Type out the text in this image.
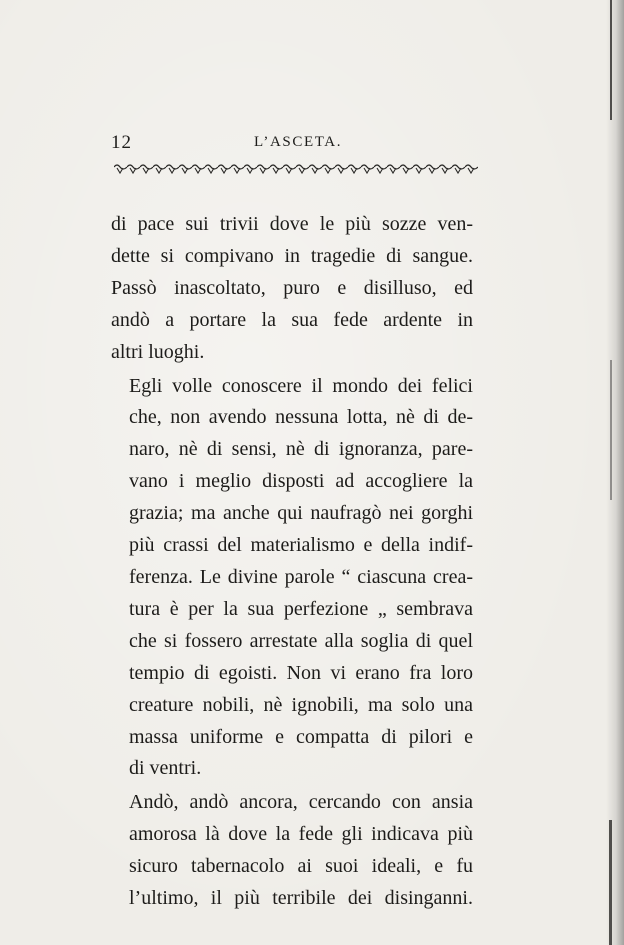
12	L’ASCETA.

di pace sui trivii dove le più sozze ven-
dette si compivano in tragedie di sangue.
Passò inascoltato, puro e disilluso, ed
andò a portare la sua fede ardente in
altri luoghi.

Egli volle conoscere il mondo dei felici
che, non avendo nessuna lotta, nè di de-
naro, nè di sensi, nè di ignoranza, pare-
vano i meglio disposti ad accogliere la
grazia; ma anche qui naufragò nei gorghi
più crassi del materialismo e della indif-
ferenza. Le divine parole “ ciascuna crea-
tura è per la sua perfezione „ sembrava
che si fossero arrestate alla soglia di quel
tempio di egoisti. Non vi erano fra loro
creature nobili, nè ignobili, ma solo una
massa uniforme e compatta di pilori e
di ventri.

Andò, andò ancora, cercando con ansia
amorosa là dove la fede gli indicava più
sicuro tabernacolo ai suoi ideali, e fu
l’ultimo, il più terribile dei disinganni.
